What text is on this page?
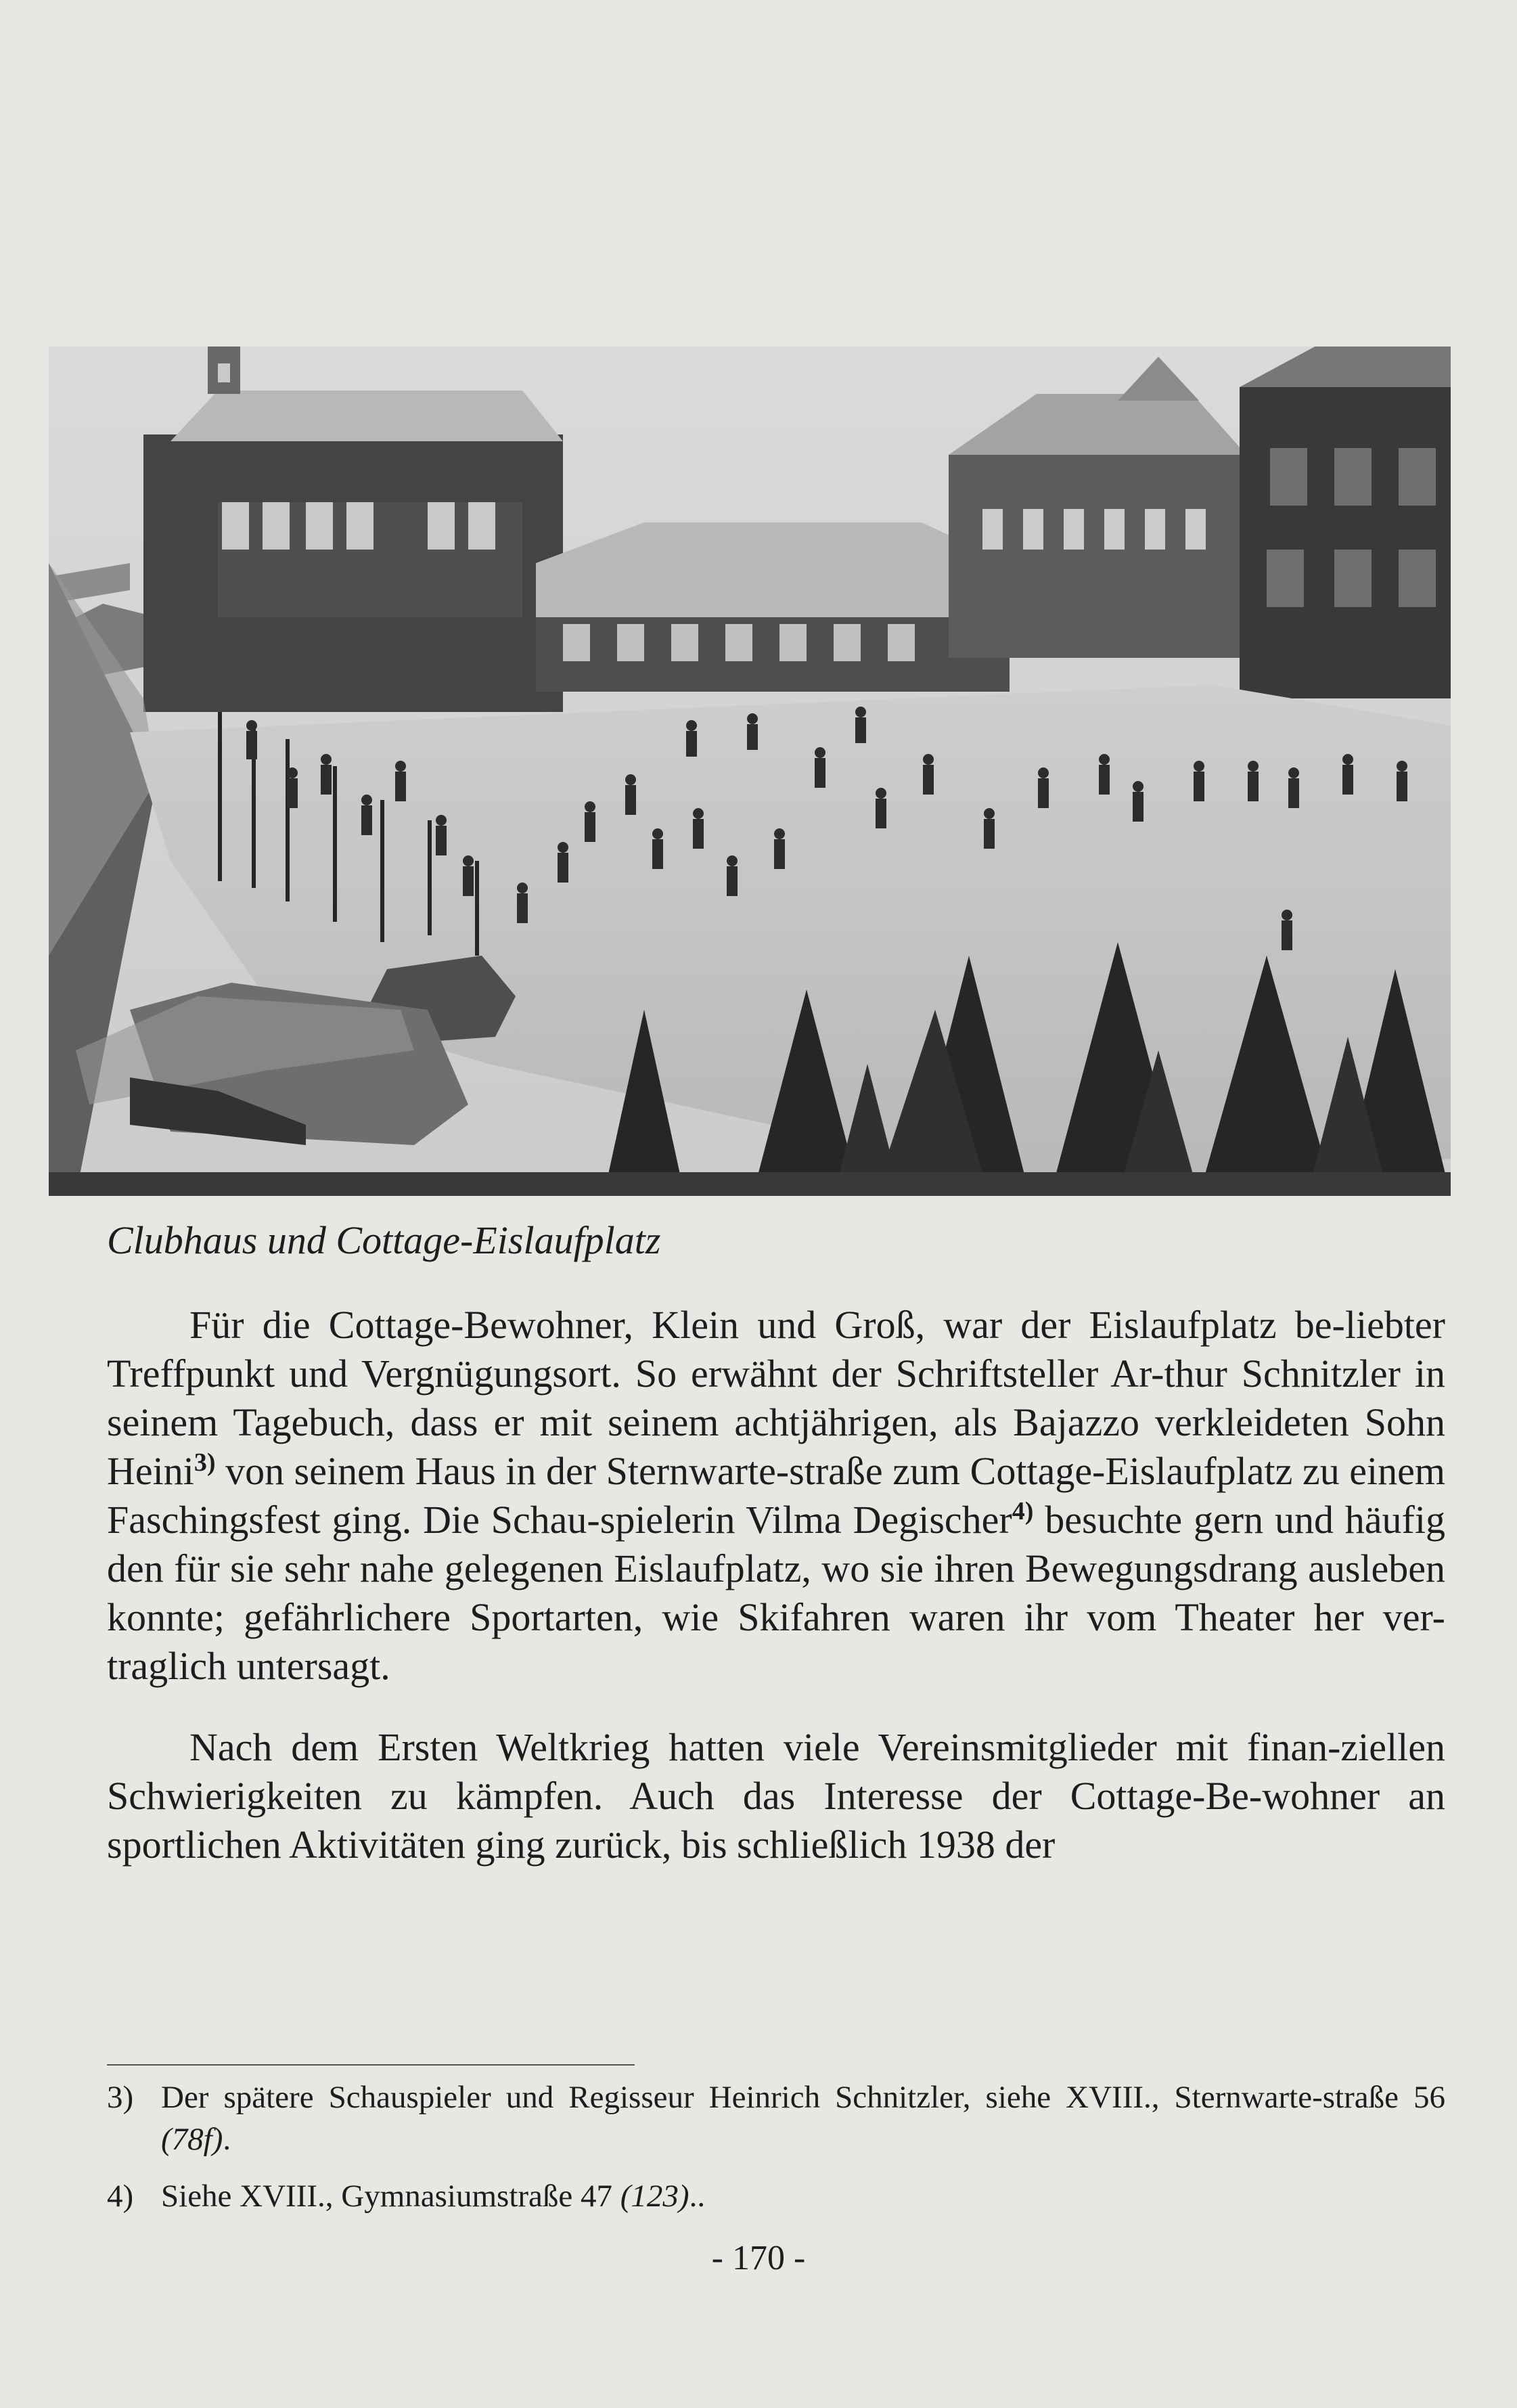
Clubhaus und Cottage-Eislaufplatz

Für die Cottage-Bewohner, Klein und Groß, war der Eislaufplatz be-liebter Treffpunkt und Vergnügungsort. So erwähnt der Schriftsteller Ar-thur Schnitzler in seinem Tagebuch, dass er mit seinem achtjährigen, als Bajazzo verkleideten Sohn Heini$^{3)}$ von seinem Haus in der Sternwarte-straße zum Cottage-Eislaufplatz zu einem Faschingsfest ging. Die Schau-spielerin Vilma Degischer$^{4)}$ besuchte gern und häufig den für sie sehr nahe gelegenen Eislaufplatz, wo sie ihren Bewegungsdrang ausleben konnte; gefährlichere Sportarten, wie Skifahren waren ihr vom Theater her ver-traglich untersagt.

Nach dem Ersten Weltkrieg hatten viele Vereinsmitglieder mit finan-ziellen Schwierigkeiten zu kämpfen. Auch das Interesse der Cottage-Be-wohner an sportlichen Aktivitäten ging zurück, bis schließlich 1938 der

3) Der spätere Schauspieler und Regisseur Heinrich Schnitzler, siehe XVIII., Sternwarte-straße 56 (78f).
4) Siehe XVIII., Gymnasiumstraße 47 (123)..
- 170 -
